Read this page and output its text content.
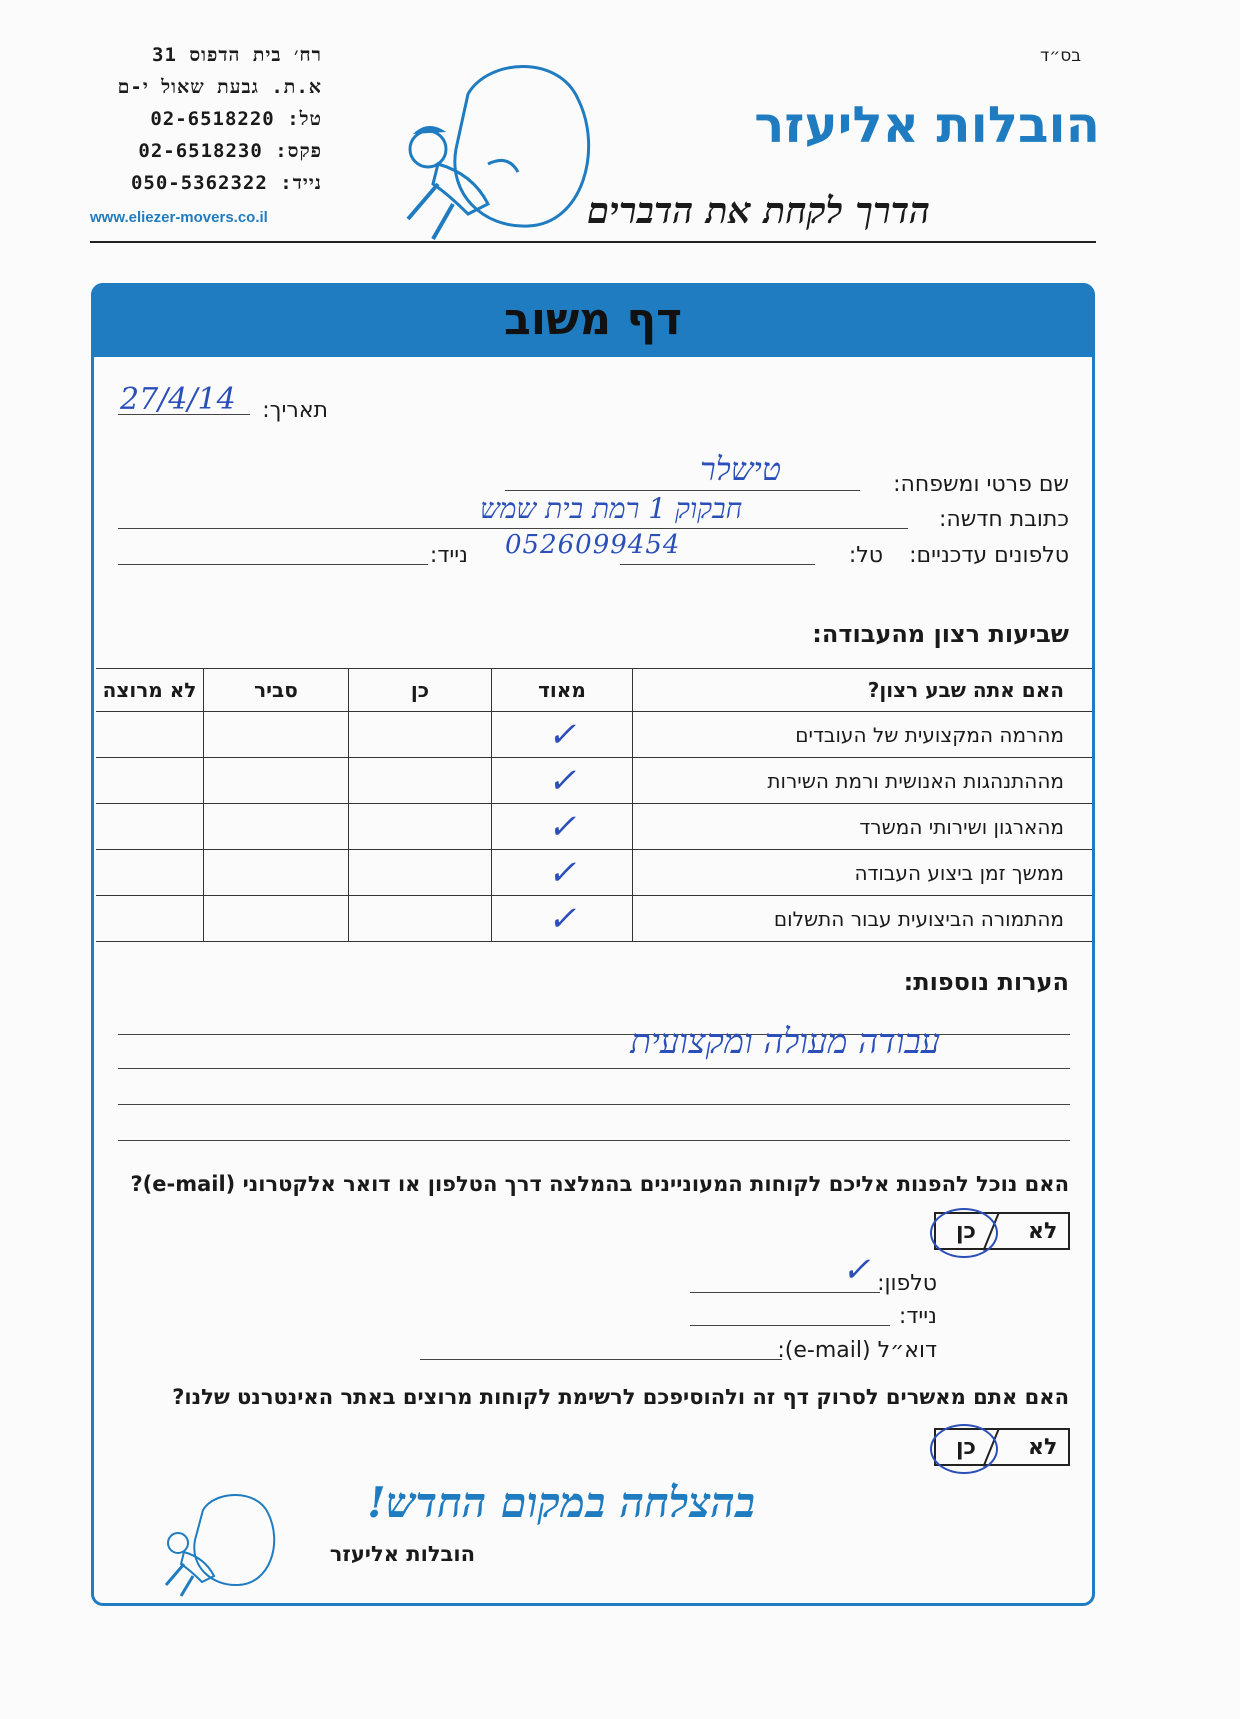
בס״ד
הובלות אליעזר
הדרך לקחת את הדברים
רח׳ בית הדפוס 31
א.ת. גבעת שאול י-ם
טל: 02-6518220
פקס: 02-6518230
נייד: 050-5362322
www.eliezer-movers.co.il
דף משוב
תאריך:
27/4/14
שם פרטי ומשפחה:
טישלר
כתובת חדשה:
חבקוק 1 רמת בית שמש
טלפונים עדכניים:
טל:
נייד: 0526099454
שביעות רצון מהעבודה:
האם אתה שבע רצון?	מאוד	כן	סביר	לא מרוצה
מהרמה המקצועית של העובדים	✓			
מההתנהגות האנושית ורמת השירות	✓			
מהארגון ושירותי המשרד	✓			
ממשך זמן ביצוע העבודה	✓			
מהתמורה הביצועית עבור התשלום	✓			
הערות נוספות:
עבודה מעולה ומקצועית
האם נוכל להפנות אליכם לקוחות המעוניינים בהמלצה דרך הטלפון או דואר אלקטרוני (e-mail)?
לא
כן
טלפון:
✓
נייד:
דוא״ל (e-mail):
האם אתם מאשרים לסרוק דף זה ולהוסיפכם לרשימת לקוחות מרוצים באתר האינטרנט שלנו?
לא
כן
בהצלחה במקום החדש!
הובלות אליעזר
